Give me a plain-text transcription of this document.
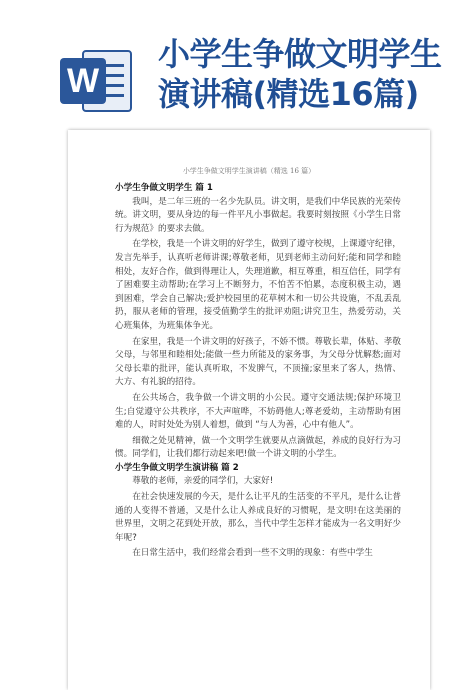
W
小学生争做文明学生演讲稿(精选16篇)
小学生争做文明学生演讲稿（精选 16 篇）
小学生争做文明学生 篇 1

我叫，是二年三班的一名少先队员。讲文明，是我们中华民族的光荣传统。讲文明，要从身边的每一件平凡小事做起。我要时刻按照《小学生日常行为规范》的要求去做。

在学校，我是一个讲文明的好学生，做到了遵守校规，上课遵守纪律，发言先举手，认真听老师讲课;尊敬老师，见到老师主动问好;能和同学和睦相处，友好合作，做到得理让人，失理道歉，相互尊重，相互信任，同学有了困难要主动帮助;在学习上不断努力，不怕苦不怕累，态度积极主动，遇到困难，学会自己解决;爱护校园里的花草树木和一切公共设施，不乱丢乱扔，服从老师的管理，接受值勤学生的批评劝阻;讲究卫生，热爱劳动，关心班集体，为班集体争光。

在家里，我是一个讲文明的好孩子，不娇不惯。尊敬长辈，体贴、孝敬父母，与邻里和睦相处;能做一些力所能及的家务事，为父母分忧解愁;面对父母长辈的批评，能认真听取，不发脾气，不顶撞;家里来了客人，热情、大方、有礼貌的招待。

在公共场合，我争做一个讲文明的小公民。遵守交通法规;保护环境卫生;自觉遵守公共秩序，不大声喧哗，不妨碍他人;尊老爱幼，主动帮助有困难的人，时时处处为别人着想，做到 “与人为善，心中有他人”。

细微之处见精神，做一个文明学生就要从点滴做起，养成的良好行为习惯。同学们，让我们都行动起来吧!做一个讲文明的小学生。

小学生争做文明学生演讲稿 篇 2

尊敬的老师，亲爱的同学们，大家好!

在社会快速发展的今天，是什么让平凡的生活变的不平凡，是什么让普通的人变得不普通，又是什么让人养成良好的习惯呢，是文明!在这美丽的世界里，文明之花到处开放，那么，当代中学生怎样才能成为一名文明好少年呢?

在日常生活中，我们经常会看到一些不文明的现象：有些中学生
